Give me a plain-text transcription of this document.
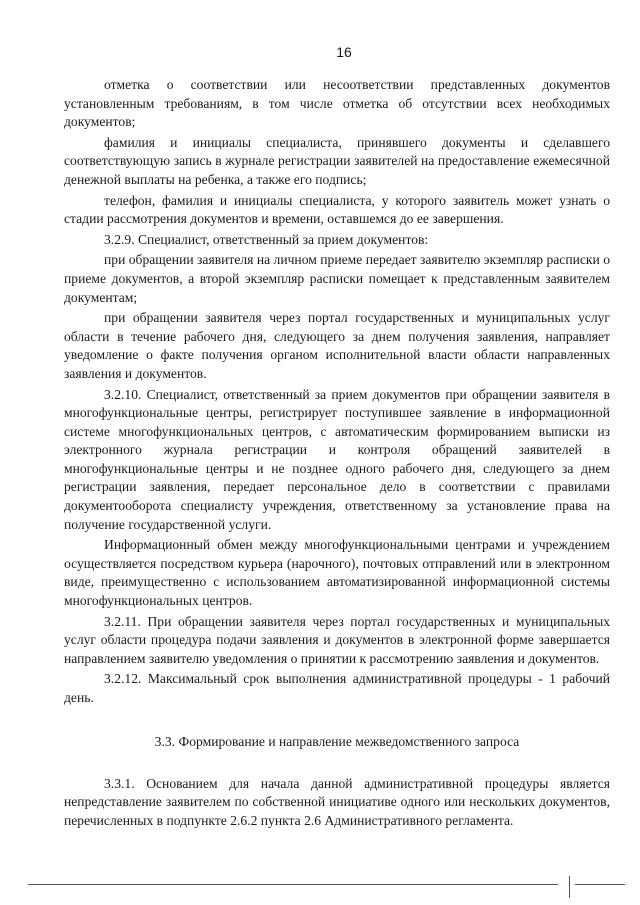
16

отметка о соответствии или несоответствии представленных документов установленным требованиям, в том числе отметка об отсутствии всех необходимых документов;

фамилия и инициалы специалиста, принявшего документы и сделавшего соответствующую запись в журнале регистрации заявителей на предоставление ежемесячной денежной выплаты на ребенка, а также его подпись;

телефон, фамилия и инициалы специалиста, у которого заявитель может узнать о стадии рассмотрения документов и времени, оставшемся до ее завершения.

3.2.9. Специалист, ответственный за прием документов:

при обращении заявителя на личном приеме передает заявителю экземпляр расписки о приеме документов, а второй экземпляр расписки помещает к представленным заявителем документам;

при обращении заявителя через портал государственных и муниципальных услуг области в течение рабочего дня, следующего за днем получения заявления, направляет уведомление о факте получения органом исполнительной власти области направленных заявления и документов.

3.2.10. Специалист, ответственный за прием документов при обращении заявителя в многофункциональные центры, регистрирует поступившее заявление в информационной системе многофункциональных центров, с автоматическим формированием выписки из электронного журнала регистрации и контроля обращений заявителей в многофункциональные центры и не позднее одного рабочего дня, следующего за днем регистрации заявления, передает персональное дело в соответствии с правилами документооборота специалисту учреждения, ответственному за установление права на получение государственной услуги.

Информационный обмен между многофункциональными центрами и учреждением осуществляется посредством курьера (нарочного), почтовых отправлений или в электронном виде, преимущественно с использованием автоматизированной информационной системы многофункциональных центров.

3.2.11. При обращении заявителя через портал государственных и муниципальных услуг области процедура подачи заявления и документов в электронной форме завершается направлением заявителю уведомления о принятии к рассмотрению заявления и документов.

3.2.12. Максимальный срок выполнения административной процедуры - 1 рабочий день.

3.3. Формирование и направление межведомственного запроса

3.3.1. Основанием для начала данной административной процедуры является непредставление заявителем по собственной инициативе одного или нескольких документов, перечисленных в подпункте 2.6.2 пункта 2.6 Административного регламента.
